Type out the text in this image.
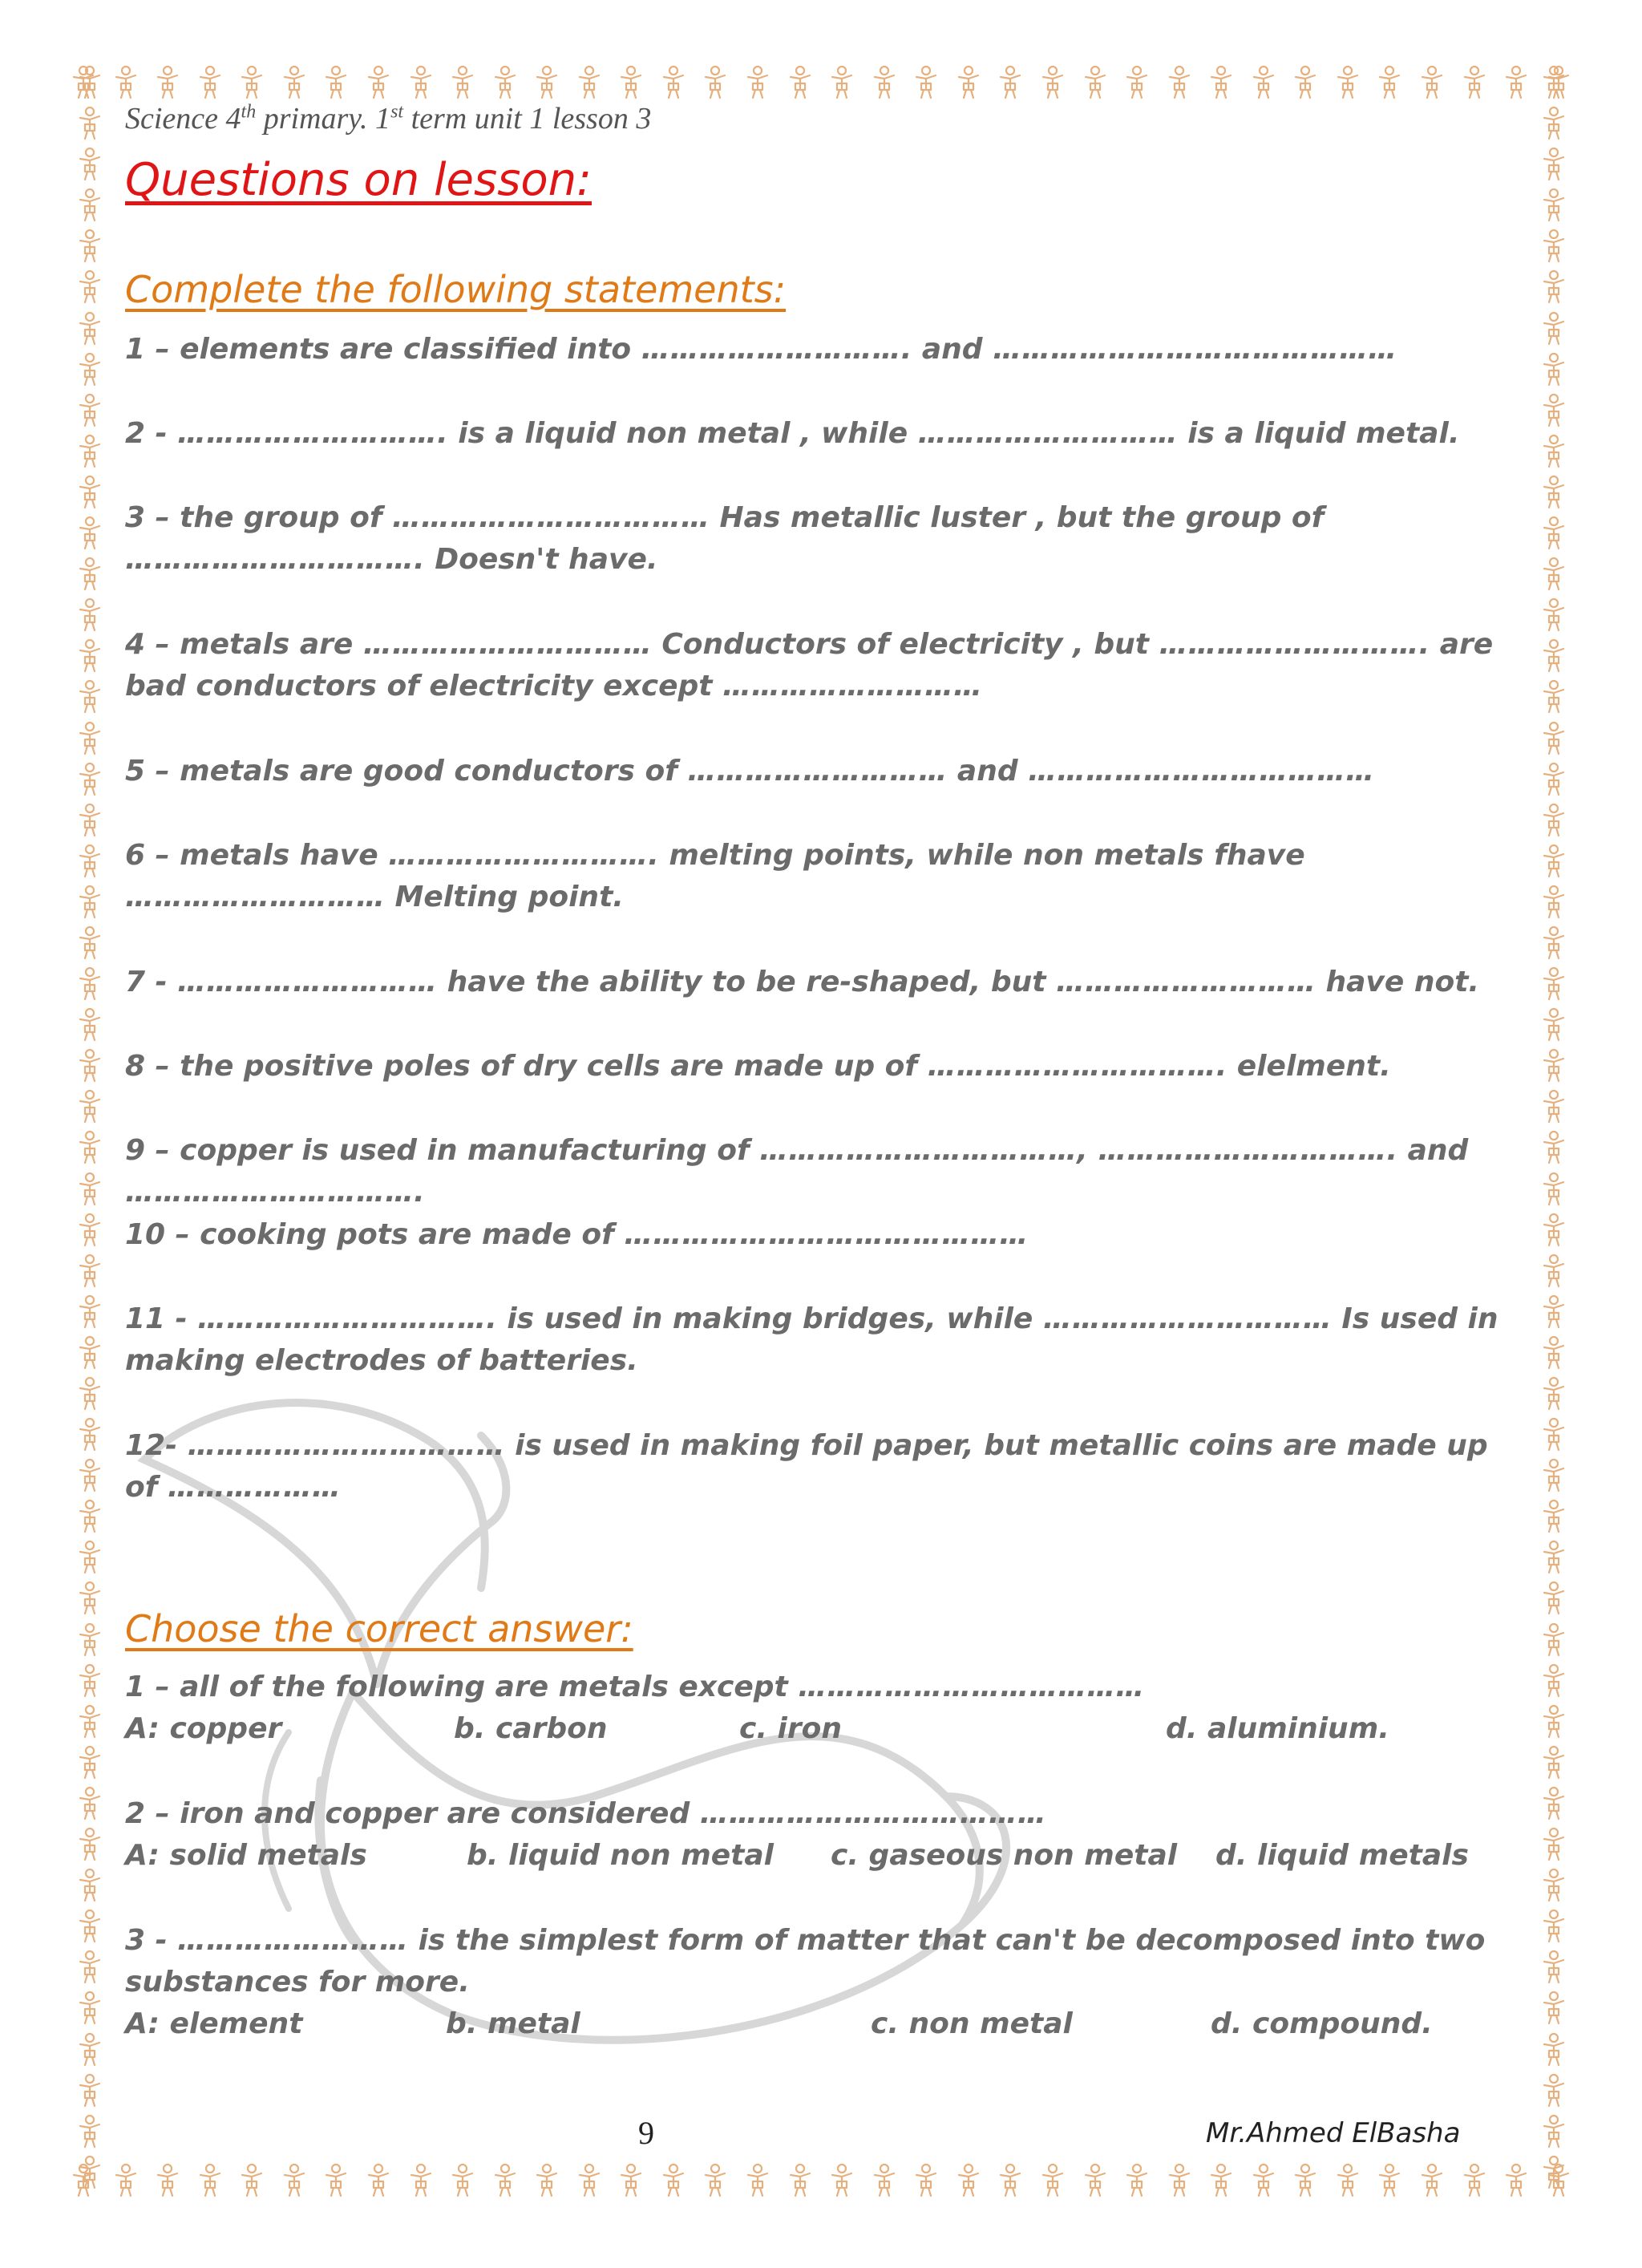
Science 4th primary. 1st term unit 1 lesson 3
Questions on lesson:
Complete the following statements:
1 – elements are classified into ………………………. and ……………………………………
2 - ………………………. is a liquid non metal , while ……………………… is a liquid metal.
3 – the group of …………………………… Has metallic luster , but the group of …………………………. Doesn't have.
4 – metals are ………………………… Conductors of electricity , but ………………………. are bad conductors of electricity except ………………………
5 – metals are good conductors of ……………………… and ………………………………
6 – metals have ………………………. melting points, while non metals fhave ……………………… Melting point.
7 - ……………………… have the ability to be re-shaped, but ……………………… have not.
8 – the positive poles of dry cells are made up of …………………………. elelment.
9 – copper is used in manufacturing of ……………………………, …………………………. and ………………………….
10 – cooking pots are made of ……………………………………
11 - …………………………. is used in making bridges, while ………………………… Is used in making electrodes of batteries.
12- …………………………… is used in making foil paper, but metallic coins are made up of ………………
Choose the correct answer:
1 – all of the following are metals except ………………………………
A: copper	b. carbon	c. iron	d. aluminium.
2 – iron and copper are considered ………………………………
A: solid metals	b. liquid non metal c. gaseous non metal d. liquid metals
3 - …………………… is the simplest form of matter that can't be decomposed into two substances for more.
A: element	b. metal	c. non metal	d. compound.
9	Mr.Ahmed ElBasha
